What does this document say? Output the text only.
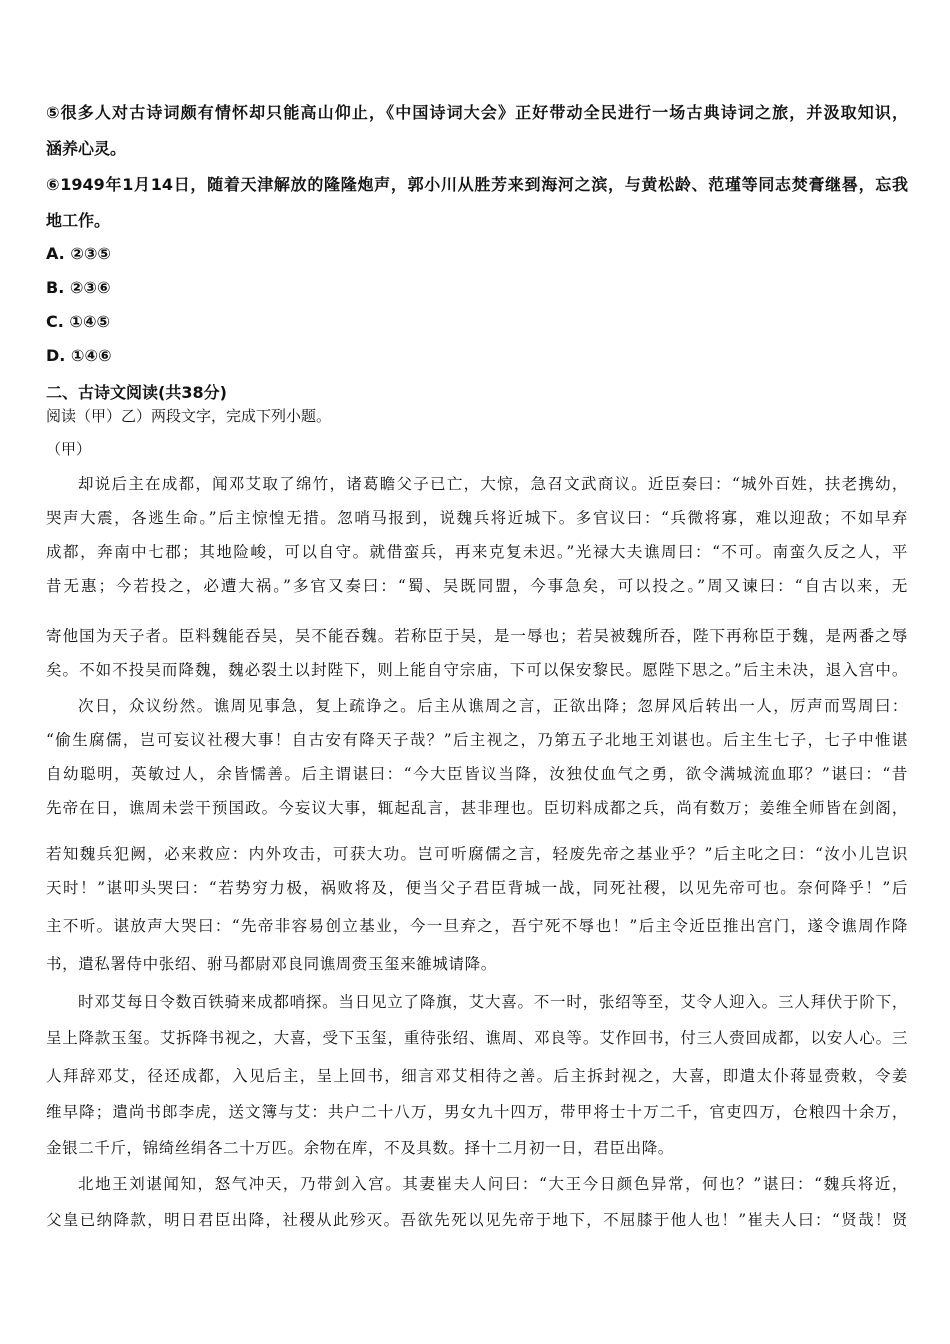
⑤很多人对古诗词颇有情怀却只能高山仰止，《中国诗词大会》正好带动全民进行一场古典诗词之旅，并汲取知识，
涵养心灵。
⑥1949年1月14日，随着天津解放的隆隆炮声，郭小川从胜芳来到海河之滨，与黄松龄、范瑾等同志焚膏继晷，忘我
地工作。
A. ②③⑤
B. ②③⑥
C. ①④⑤
D. ①④⑥
二、古诗文阅读(共38分)
阅读（甲）乙）两段文字，完成下列小题。
（甲）
却说后主在成都，闻邓艾取了绵竹，诸葛瞻父子已亡，大惊，急召文武商议。近臣奏曰：“城外百姓，扶老携幼，
哭声大震，各逃生命。”后主惊惶无措。忽哨马报到，说魏兵将近城下。多官议曰：“兵微将寡，难以迎敌；不如早弃
成都，奔南中七郡；其地险峻，可以自守。就借蛮兵，再来克复未迟。”光禄大夫谯周曰：“不可。南蛮久反之人，平
昔无惠；今若投之，必遭大祸。”多官又奏曰：“蜀、吴既同盟，今事急矣，可以投之。”周又谏曰：“自古以来，无
寄他国为天子者。臣料魏能吞吴，吴不能吞魏。若称臣于吴，是一辱也；若吴被魏所吞，陛下再称臣于魏，是两番之辱
矣。不如不投吴而降魏，魏必裂土以封陛下，则上能自守宗庙，下可以保安黎民。愿陛下思之。”后主未决，退入宫中。
次日，众议纷然。谯周见事急，复上疏诤之。后主从谯周之言，正欲出降；忽屏风后转出一人，厉声而骂周曰：
“偷生腐儒，岂可妄议社稷大事！自古安有降天子哉？”后主视之，乃第五子北地王刘谌也。后主生七子，七子中惟谌
自幼聪明，英敏过人，余皆懦善。后主谓谌曰：“今大臣皆议当降，汝独仗血气之勇，欲令满城流血耶？”谌曰：“昔
先帝在日，谯周未尝干预国政。今妄议大事，辄起乱言，甚非理也。臣切料成都之兵，尚有数万；姜维全师皆在剑阁，
若知魏兵犯阙，必来救应：内外攻击，可获大功。岂可听腐儒之言，轻废先帝之基业乎？”后主叱之曰：“汝小儿岂识
天时！”谌叩头哭曰：“若势穷力极，祸败将及，便当父子君臣背城一战，同死社稷，以见先帝可也。奈何降乎！”后
主不听。谌放声大哭曰：“先帝非容易创立基业，今一旦弃之，吾宁死不辱也！”后主令近臣推出宫门，遂令谯周作降
书，遣私署侍中张绍、驸马都尉邓良同谯周赍玉玺来雒城请降。
时邓艾每日令数百铁骑来成都哨探。当日见立了降旗，艾大喜。不一时，张绍等至，艾令人迎入。三人拜伏于阶下，
呈上降款玉玺。艾拆降书视之，大喜，受下玉玺，重待张绍、谯周、邓良等。艾作回书，付三人赍回成都，以安人心。三
人拜辞邓艾，径还成都，入见后主，呈上回书，细言邓艾相待之善。后主拆封视之，大喜，即遣太仆蒋显赍敕，令姜
维早降；遣尚书郎李虎，送文簿与艾：共户二十八万，男女九十四万，带甲将士十万二千，官吏四万，仓粮四十余万，
金银二千斤，锦绮丝绢各二十万匹。余物在库，不及具数。择十二月初一日，君臣出降。
北地王刘谌闻知，怒气冲天，乃带剑入宫。其妻崔夫人问曰：“大王今日颜色异常，何也？”谌曰：“魏兵将近，
父皇已纳降款，明日君臣出降，社稷从此殄灭。吾欲先死以见先帝于地下，不屈膝于他人也！”崔夫人曰：“贤哉！贤
